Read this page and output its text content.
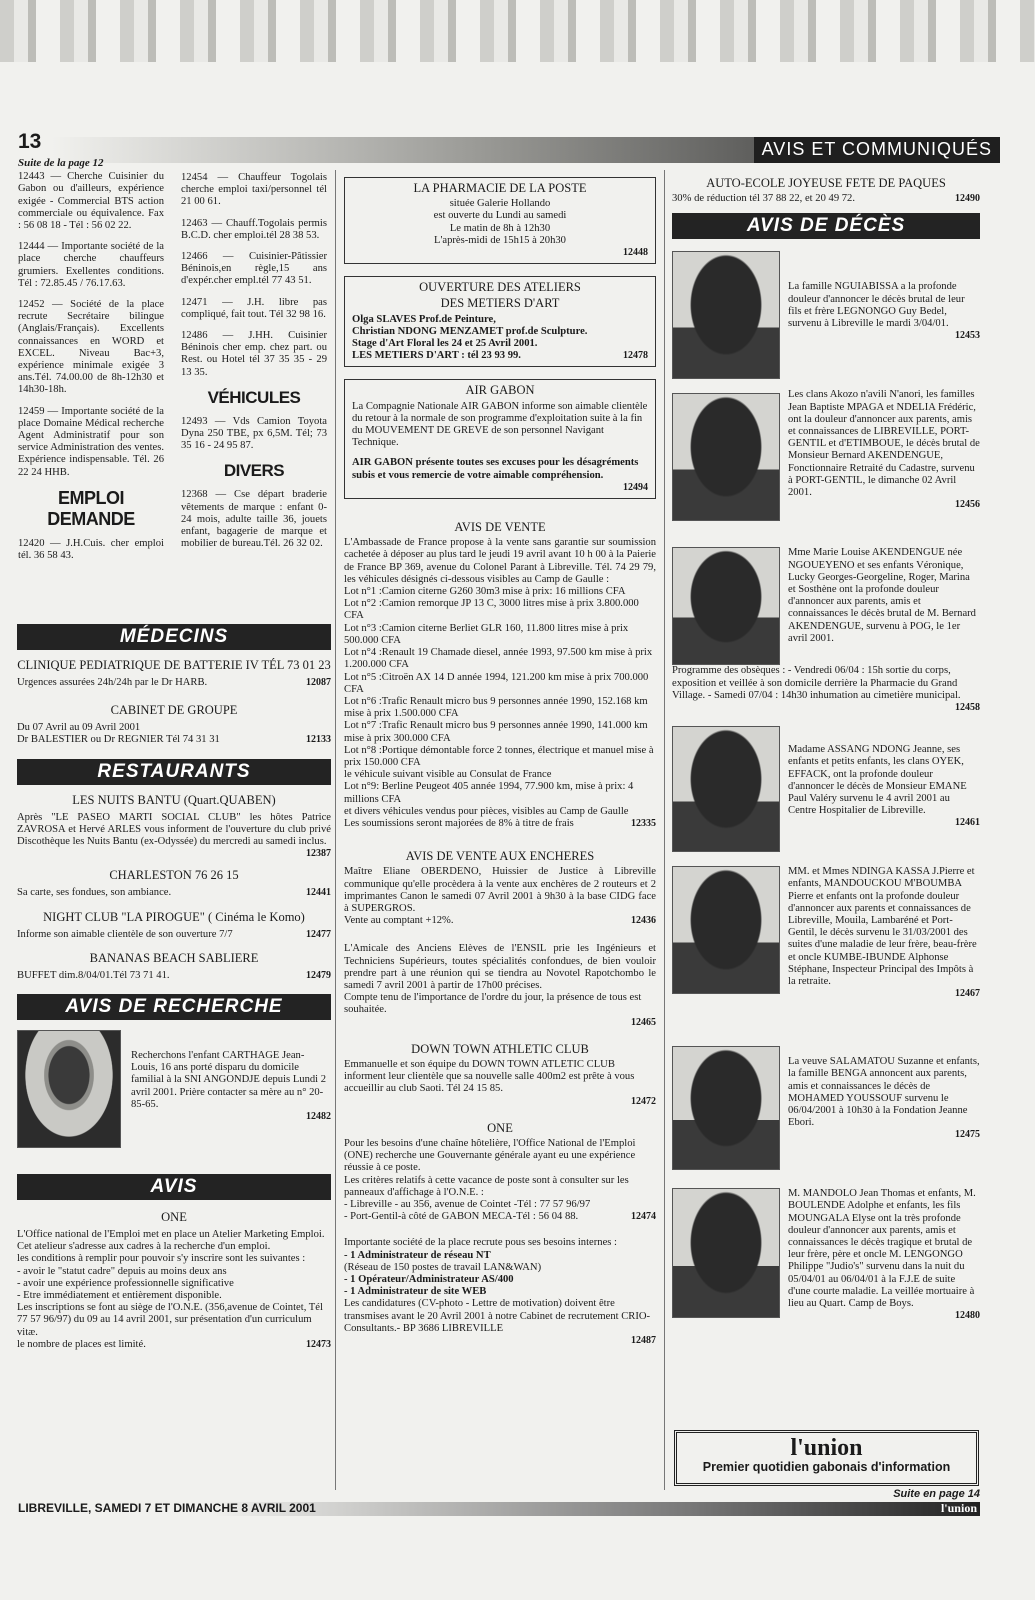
13	AVIS ET COMMUNIQUÉS
Suite de la page 12
12443 — Cherche Cuisinier du Gabon ou d'ailleurs, expérience exigée - Commercial BTS action commerciale ou équivalence. Fax : 56 08 18 - Tél : 56 02 22.
12444 — Importante société de la place cherche chauffeurs grumiers. Exellentes conditions. Tél : 72.85.45 / 76.17.63.
12452 — Société de la place recrute Secrétaire bilingue (Anglais/Français). Excellents connaissances en WORD et EXCEL. Niveau Bac+3, expérience minimale exigée 3 ans.Tél. 74.00.00 de 8h-12h30 et 14h30-18h.
12459 — Importante société de la place Domaine Médical recherche Agent Administratif pour son service Administration des ventes. Expérience indispensable. Tél. 26 22 24 HHB.
EMPLOI DEMANDE
12420 — J.H.Cuis. cher emploi tél. 36 58 43.
12454 — Chauffeur Togolais cherche emploi taxi/personnel tél 21 00 61.
12463 — Chauff.Togolais permis B.C.D. cher emploi.tél 28 38 53.
12466 — Cuisinier-Pâtissier Béninois,en règle,15 ans d'expér.cher empl.tél 77 43 51.
12471 — J.H. libre pas compliqué, fait tout. Tél 32 98 16.
12486 — J.HH. Cuisinier Béninois cher emp. chez part. ou Rest. ou Hotel tél 37 35 35 - 29 13 35.
VÉHICULES
12493 — Vds Camion Toyota Dyna 250 TBE, px 6,5M. Tél; 73 35 16 - 24 95 87.
DIVERS
12368 — Cse départ braderie vêtements de marque : enfant 0-24 mois, adulte taille 36, jouets enfant, bagagerie de marque et mobilier de bureau.Tél. 26 32 02.
MÉDECINS
CLINIQUE PEDIATRIQUE DE BATTERIE IV TÉL 73 01 23
Urgences assurées 24h/24h par le Dr HARB.	12087
CABINET DE GROUPE
Du 07 Avril au 09 Avril 2001
Dr BALESTIER ou Dr REGNIER Tél 74 31 31	12133
RESTAURANTS
LES NUITS BANTU (Quart.QUABEN)
Après "LE PASEO MARTI SOCIAL CLUB" les hôtes Patrice ZAVROSA et Hervé ARLES vous informent de l'ouverture du club privé Discothèque les Nuits Bantu (ex-Odyssée) du mercredi au samedi inclus.
12387
CHARLESTON 76 26 15
Sa carte, ses fondues, son ambiance.	12441
NIGHT CLUB "LA PIROGUE" ( Cinéma le Komo)
Informe son aimable clientèle de son ouverture 7/7	12477
BANANAS BEACH SABLIERE
BUFFET dim.8/04/01.Tél 73 71 41.	12479
AVIS DE RECHERCHE
Recherchons l'enfant CARTHAGE Jean-Louis, 16 ans porté disparu du domicile familial à la SNI ANGONDJE depuis Lundi 2 avril 2001. Prière contacter sa mère au n° 20-85-65.
12482
AVIS
ONE
L'Office national de l'Emploi met en place un Atelier Marketing Emploi.
Cet atelieur s'adresse aux cadres à la recherche d'un emploi.
les conditions à remplir pour pouvoir s'y inscrire sont les suivantes :
- avoir le "statut cadre" depuis au moins deux ans
- avoir une expérience professionnelle significative
- Etre immédiatement et entièrement disponible.
Les inscriptions se font au siège de l'O.N.E. (356,avenue de Cointet, Tél 77 57 96/97) du 09 au 14 avril 2001, sur présentation d'un curriculum vitæ.
le nombre de places est limité.	12473
LA PHARMACIE DE LA POSTE
située Galerie Hollando
est ouverte du Lundi au samedi
Le matin de 8h à 12h30
L'après-midi de 15h15 à 20h30
12448
OUVERTURE DES ATELIERS
DES METIERS D'ART
Olga SLAVES Prof.de Peinture,
Christian NDONG MENZAMET prof.de Sculpture.
Stage d'Art Floral les 24 et 25 Avril 2001.
LES METIERS D'ART : tél 23 93 99.	12478
AIR GABON
La Compagnie Nationale AIR GABON informe son aimable clientèle du retour à la normale de son programme d'exploitation suite à la fin du MOUVEMENT DE GREVE de son personnel Navigant Technique.
AIR GABON présente toutes ses excuses pour les désagréments subis et vous remercie de votre aimable compréhension.
12494
AVIS DE VENTE
L'Ambassade de France propose à la vente sans garantie sur soumission cachetée à déposer au plus tard le jeudi 19 avril avant 10 h 00 à la Paierie de France BP 369, avenue du Colonel Parant à Libreville. Tél. 74 29 79, les véhicules désignés ci-dessous visibles au Camp de Gaulle :
Lot n°1 :Camion citerne G260 30m3 mise à prix: 16 millions CFA
Lot n°2 :Camion remorque JP 13 C, 3000 litres mise à prix 3.800.000 CFA
Lot n°3 :Camion citerne Berliet GLR 160, 11.800 litres mise à prix 500.000 CFA
Lot n°4 :Renault 19 Chamade diesel, année 1993, 97.500 km mise à prix 1.200.000 CFA
Lot n°5 :Citroën AX 14 D année 1994, 121.200 km mise à prix 700.000 CFA
Lot n°6 :Trafic Renault micro bus 9 personnes année 1990, 152.168 km mise à prix 1.500.000 CFA
Lot n°7 :Trafic Renault micro bus 9 personnes année 1990, 141.000 km mise à prix 300.000 CFA
Lot n°8 :Portique démontable force 2 tonnes, électrique et manuel mise à prix 150.000 CFA
le véhicule suivant visible au Consulat de France
Lot n°9: Berline Peugeot 405 année 1994, 77.900 km, mise à prix: 4 millions CFA
et divers véhicules vendus pour pièces, visibles au Camp de Gaulle
Les soumissions seront majorées de 8% à titre de frais	12335
AVIS DE VENTE AUX ENCHERES
Maître Eliane OBERDENO, Huissier de Justice à Libreville communique qu'elle procèdera à la vente aux enchères de 2 routeurs et 2 imprimantes Canon le samedi 07 Avril 2001 à 9h30 à la base CIDG face à SUPERGROS.
Vente au comptant +12%.	12436
L'Amicale des Anciens Elèves de l'ENSIL prie les Ingénieurs et Techniciens Supérieurs, toutes spécialités confondues, de bien vouloir prendre part à une réunion qui se tiendra au Novotel Rapotchombo le samedi 7 avril 2001 à partir de 17h00 précises.
Compte tenu de l'importance de l'ordre du jour, la présence de tous est souhaitée.
12465
DOWN TOWN ATHLETIC CLUB
Emmanuelle et son équipe du DOWN TOWN ATLETIC CLUB informent leur clientèle que sa nouvelle salle 400m2 est prête à vous accueillir au club Saoti. Tél 24 15 85.
12472
ONE
Pour les besoins d'une chaîne hôtelière, l'Office National de l'Emploi (ONE) recherche une Gouvernante générale ayant eu une expérience réussie à ce poste.
Les critères relatifs à cette vacance de poste sont à consulter sur les panneaux d'affichage à l'O.N.E. :
- Libreville - au 356, avenue de Cointet -Tél : 77 57 96/97
- Port-Gentil-à côté de GABON MECA-Tél : 56 04 88.	12474
Importante société de la place recrute pous ses besoins internes :
- 1 Administrateur de réseau NT
(Réseau de 150 postes de travail LAN&WAN)
- 1 Opérateur/Administrateur AS/400
- 1 Administrateur de site WEB
Les candidatures (CV-photo - Lettre de motivation) doivent être transmises avant le 20 Avril 2001 à notre Cabinet de recrutement CRIO-Consultants.- BP 3686 LIBREVILLE
12487
AUTO-ECOLE JOYEUSE FETE DE PAQUES
30% de réduction tél 37 88 22, et 20 49 72.	12490
AVIS DE DÉCÈS
La famille NGUIABISSA a la profonde douleur d'annoncer le décès brutal de leur fils et frère LEGNONGO Guy Bedel, survenu à Libreville le mardi 3/04/01.
12453
Les clans Akozo n'avili N'anori, les familles Jean Baptiste MPAGA et NDELIA Frédéric, ont la douleur d'annoncer aux parents, amis et connaissances de LIBREVILLE, PORT-GENTIL et d'ETIMBOUE, le décès brutal de Monsieur Bernard AKENDENGUE, Fonctionnaire Retraité du Cadastre, survenu à PORT-GENTIL, le dimanche 02 Avril 2001.
12456
Mme Marie Louise AKENDENGUE née NGOUEYENO et ses enfants Véronique, Lucky Georges-Georgeline, Roger, Marina et Sosthène ont la profonde douleur d'annoncer aux parents, amis et connaissances le décès brutal de M. Bernard AKENDENGUE, survenu à POG, le 1er avril 2001.
Programme des obsèques : - Vendredi 06/04 : 15h sortie du corps, exposition et veillée à son domicile derrière la Pharmacie du Grand Village. - Samedi 07/04 : 14h30 inhumation au cimetière municipal.
12458
Madame ASSANG NDONG Jeanne, ses enfants et petits enfants, les clans OYEK, EFFACK, ont la profonde douleur d'annoncer le décès de Monsieur EMANE Paul Valéry survenu le 4 avril 2001 au Centre Hospitalier de Libreville.
12461
MM. et Mmes NDINGA KASSA J.Pierre et enfants, MANDOUCKOU M'BOUMBA Pierre et enfants ont la profonde douleur d'annoncer aux parents et connaissances de Libreville, Mouila, Lambaréné et Port-Gentil, le décès survenu le 31/03/2001 des suites d'une maladie de leur frère, beau-frère et oncle KUMBE-IBUNDE Alphonse Stéphane, Inspecteur Principal des Impôts à la retraite.
12467
La veuve SALAMATOU Suzanne et enfants, la famille BENGA annoncent aux parents, amis et connaissances le décès de MOHAMED YOUSSOUF survenu le 06/04/2001 à 10h30 à la Fondation Jeanne Ebori.
12475
M. MANDOLO Jean Thomas et enfants, M. BOULENDE Adolphe et enfants, les fils MOUNGALA Elyse ont la très profonde douleur d'annoncer aux parents, amis et connaissances le décès tragique et brutal de leur frère, père et oncle M. LENGONGO Philippe "Judio's" survenu dans la nuit du 05/04/01 au 06/04/01 à la F.J.E de suite d'une courte maladie. La veillée mortuaire à lieu au Quart. Camp de Boys.
12480
l'union
Premier quotidien gabonais d'information
Suite en page 14
LIBREVILLE, SAMEDI 7 ET DIMANCHE 8 AVRIL 2001	l'union
